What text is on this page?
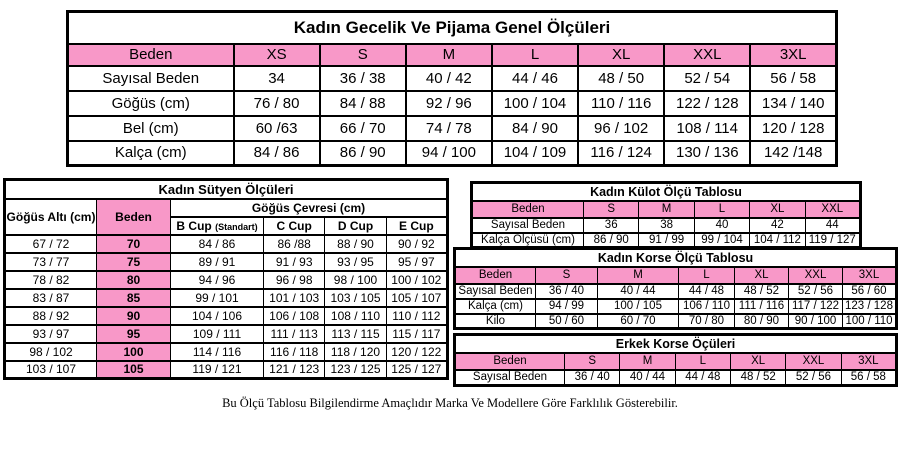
Kadın Gecelik Ve Pijama Genel Ölçüleri							
Beden	XS	S	M	L	XL	XXL	3XL
Sayısal Beden	34	36 / 38	40 / 42	44 / 46	48 / 50	52 / 54	56 / 58
Göğüs (cm)	76 / 80	84 / 88	92 / 96	100 / 104	110 / 116	122 / 128	134 / 140
Bel (cm)	60 /63	66 / 70	74 / 78	84 / 90	96 / 102	108 / 114	120 / 128
Kalça (cm)	84 / 86	86 / 90	94 / 100	104 / 109	116 / 124	130 / 136	142 /148
Kadın Sütyen Ölçüleri					
Göğüs Altı (cm)	Beden	Göğüs Çevresi (cm)			
		B Cup (Standart)	C Cup	D Cup	E Cup
67 / 72	70	84 / 86	86 /88	88 / 90	90 / 92
73 / 77	75	89 / 91	91 / 93	93 / 95	95 / 97
78 / 82	80	94 / 96	96 / 98	98 / 100	100 / 102
83 / 87	85	99 / 101	101 / 103	103 / 105	105 / 107
88 / 92	90	104 / 106	106 / 108	108 / 110	110 / 112
93 / 97	95	109 / 111	111 / 113	113 / 115	115 / 117
98 / 102	100	114 / 116	116 / 118	118 / 120	120 / 122
103 / 107	105	119 / 121	121 / 123	123 / 125	125 / 127
Kadın Külot Ölçü Tablosu					
Beden	S	M	L	XL	XXL
Sayısal Beden	36	38	40	42	44
Kalça Ölçüsü (cm)	86 / 90	91 / 99	99 / 104	104 / 112	119 / 127
Kadın Korse Ölçü Tablosu						
Beden	S	M	L	XL	XXL	3XL
Sayısal Beden	36 / 40	40 / 44	44 / 48	48 / 52	52 / 56	56 / 60
Kalça (cm)	94 / 99	100 / 105	106 / 110	111 / 116	117 / 122	123 / 128
Kilo	50 / 60	60 / 70	70 / 80	80 / 90	90 / 100	100 / 110
Erkek Korse Öçüleri						
Beden	S	M	L	XL	XXL	3XL
Sayısal Beden	36 / 40	40 / 44	44 / 48	48 / 52	52 / 56	56 / 58
Bu Ölçü Tablosu Bilgilendirme Amaçlıdır Marka Ve Modellere Göre Farklılık Gösterebilir.
